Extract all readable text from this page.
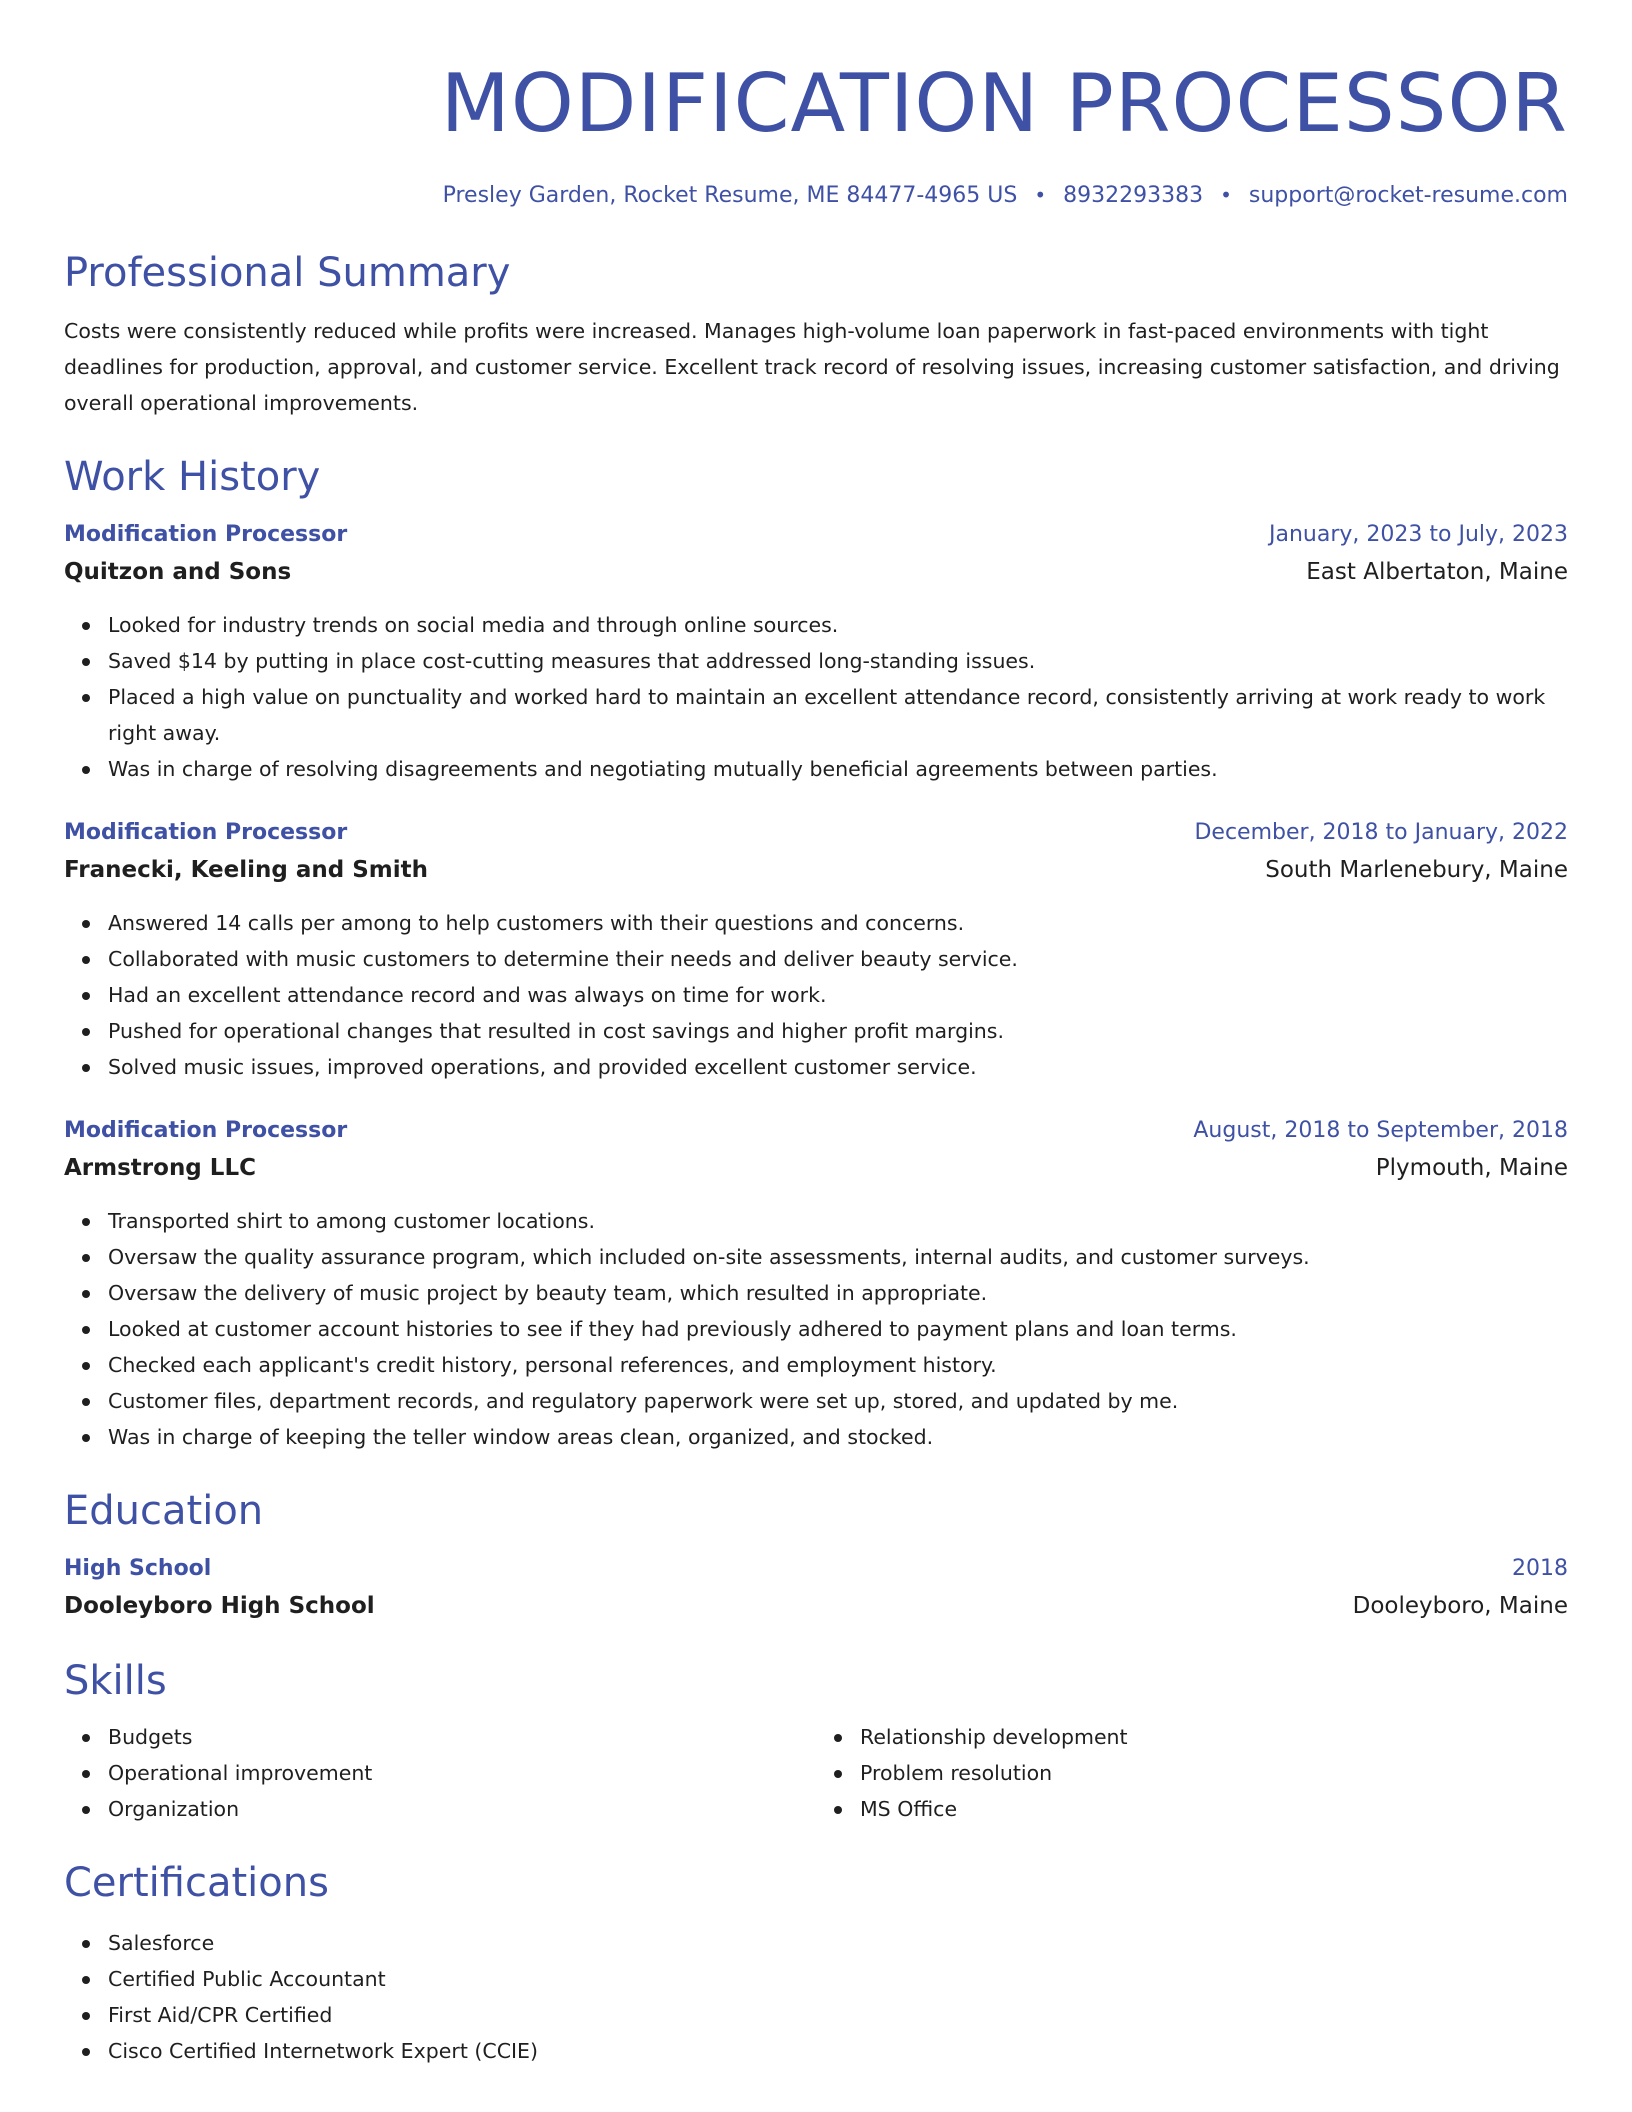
MODIFICATION PROCESSOR
Presley Garden, Rocket Resume, ME 84477-4965 US • 8932293383 • support@rocket-resume.com
Professional Summary
Costs were consistently reduced while profits were increased. Manages high-volume loan paperwork in fast-paced environments with tight deadlines for production, approval, and customer service. Excellent track record of resolving issues, increasing customer satisfaction, and driving overall operational improvements.
Work History
Modification Processor	January, 2023 to July, 2023
Quitzon and Sons	East Albertaton, Maine
Looked for industry trends on social media and through online sources.
Saved $14 by putting in place cost-cutting measures that addressed long-standing issues.
Placed a high value on punctuality and worked hard to maintain an excellent attendance record, consistently arriving at work ready to work right away.
Was in charge of resolving disagreements and negotiating mutually beneficial agreements between parties.
Modification Processor	December, 2018 to January, 2022
Franecki, Keeling and Smith	South Marlenebury, Maine
Answered 14 calls per among to help customers with their questions and concerns.
Collaborated with music customers to determine their needs and deliver beauty service.
Had an excellent attendance record and was always on time for work.
Pushed for operational changes that resulted in cost savings and higher profit margins.
Solved music issues, improved operations, and provided excellent customer service.
Modification Processor	August, 2018 to September, 2018
Armstrong LLC	Plymouth, Maine
Transported shirt to among customer locations.
Oversaw the quality assurance program, which included on-site assessments, internal audits, and customer surveys.
Oversaw the delivery of music project by beauty team, which resulted in appropriate.
Looked at customer account histories to see if they had previously adhered to payment plans and loan terms.
Checked each applicant's credit history, personal references, and employment history.
Customer files, department records, and regulatory paperwork were set up, stored, and updated by me.
Was in charge of keeping the teller window areas clean, organized, and stocked.
Education
High School	2018
Dooleyboro High School	Dooleyboro, Maine
Skills
Budgets
Operational improvement
Organization
Relationship development
Problem resolution
MS Office
Certifications
Salesforce
Certified Public Accountant
First Aid/CPR Certified
Cisco Certified Internetwork Expert (CCIE)
